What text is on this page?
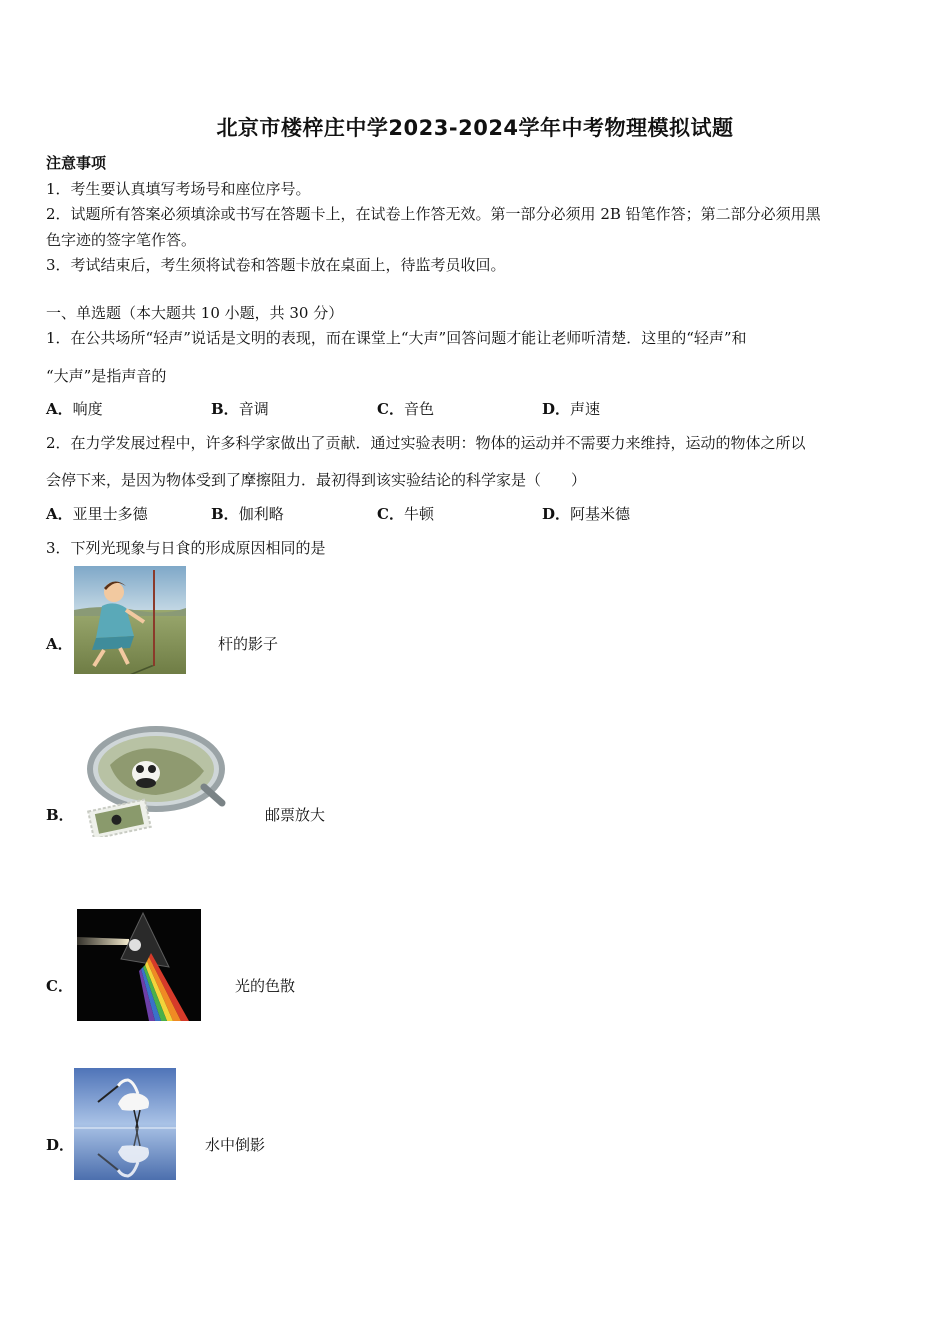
北京市楼梓庄中学2023-2024学年中考物理模拟试题
注意事项
1．考生要认真填写考场号和座位序号。
2．试题所有答案必须填涂或书写在答题卡上，在试卷上作答无效。第一部分必须用 2B 铅笔作答；第二部分必须用黑
色字迹的签字笔作答。
3．考试结束后，考生须将试卷和答题卡放在桌面上，待监考员收回。
一、单选题（本大题共 10 小题，共 30 分）
1．在公共场所“轻声”说话是文明的表现，而在课堂上“大声”回答问题才能让老师听清楚．这里的“轻声”和
“大声”是指声音的
A．响度	B．音调	C．音色	D．声速
2．在力学发展过程中，许多科学家做出了贡献．通过实验表明：物体的运动并不需要力来维持，运动的物体之所以
会停下来，是因为物体受到了摩擦阻力．最初得到该实验结论的科学家是（　　）
A．亚里士多德	B．伽利略	C．牛顿	D．阿基米德
3．下列光现象与日食的形成原因相同的是
A．	杆的影子
B．	邮票放大
C．	光的色散
D．	水中倒影
